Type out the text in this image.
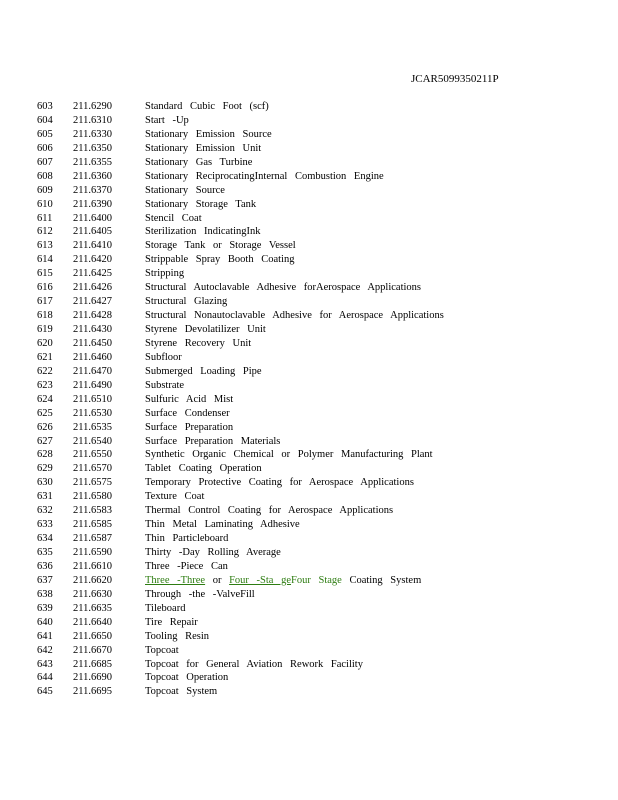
JCAR5099350211P
603 211.6290	Standard Cubic Foot (scf)
604 211.6310	Start -Up
605 211.6330	Stationary Emission Source
606 211.6350	Stationary Emission Unit
607 211.6355	Stationary Gas Turbine
608 211.6360	Stationary ReciprocatingInternal Combustion Engine
609 211.6370	Stationary Source
610 211.6390	Stationary Storage Tank
611 211.6400	Stencil Coat
612 211.6405	Sterilization IndicatingInk
613 211.6410	Storage Tank or Storage Vessel
614 211.6420	Strippable Spray Booth Coating
615 211.6425	Stripping
616 211.6426	Structural Autoclavable Adhesive forAerospace Applications
617 211.6427	Structural Glazing
618 211.6428	Structural Nonautoclavable Adhesive for Aerospace Applications
619 211.6430	Styrene Devolatilizer Unit
620 211.6450	Styrene Recovery Unit
621 211.6460	Subfloor
622 211.6470	Submerged Loading Pipe
623 211.6490	Substrate
624 211.6510	Sulfuric Acid Mist
625 211.6530	Surface Condenser
626 211.6535	Surface Preparation
627 211.6540	Surface Preparation Materials
628 211.6550	Synthetic Organic Chemical or Polymer Manufacturing Plant
629 211.6570	Tablet Coating Operation
630 211.6575	Temporary Protective Coating for Aerospace Applications
631 211.6580	Texture Coat
632 211.6583	Thermal Control Coating for Aerospace Applications
633 211.6585	Thin Metal Laminating Adhesive
634 211.6587	Thin Particleboard
635 211.6590	Thirty -Day Rolling Average
636 211.6610	Three -Piece Can
637 211.6620	Three -Three or Four -Sta geFour Stage Coating System
638 211.6630	Through -the -ValveFill
639 211.6635	Tileboard
640 211.6640	Tire Repair
641 211.6650	Tooling Resin
642 211.6670	Topcoat
643 211.6685	Topcoat for General Aviation Rework Facility
644 211.6690	Topcoat Operation
645 211.6695	Topcoat System
